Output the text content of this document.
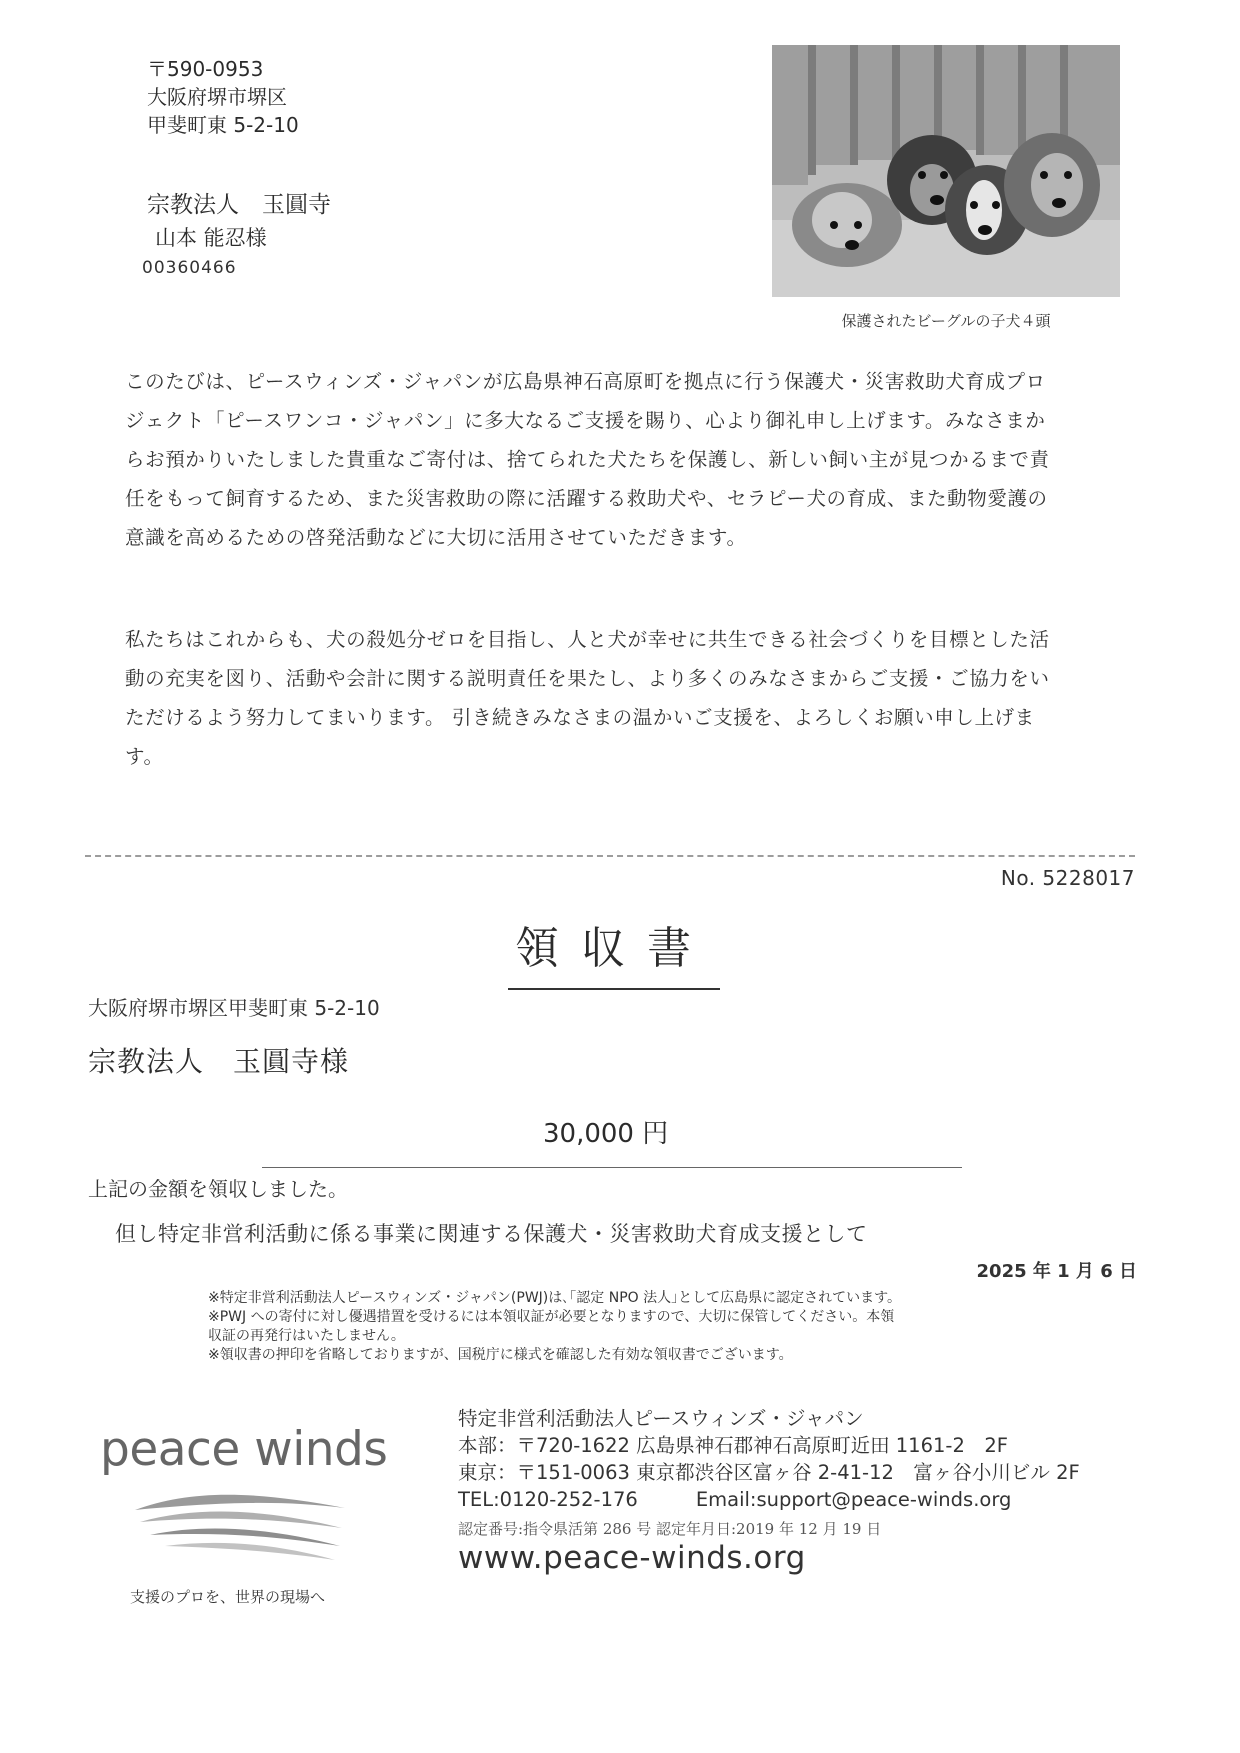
〒590-0953
大阪府堺市堺区
甲斐町東 5-2-10
宗教法人　玉圓寺
山本 能忍様
00360466
保護されたビーグルの子犬４頭
このたびは、ピースウィンズ・ジャパンが広島県神石高原町を拠点に行う保護犬・災害救助犬育成プロ
ジェクト「ピースワンコ・ジャパン」に多大なるご支援を賜り、心より御礼申し上げます。みなさまか
らお預かりいたしました貴重なご寄付は、捨てられた犬たちを保護し、新しい飼い主が見つかるまで責
任をもって飼育するため、また災害救助の際に活躍する救助犬や、セラピー犬の育成、また動物愛護の
意識を高めるための啓発活動などに大切に活用させていただきます。
私たちはこれからも、犬の殺処分ゼロを目指し、人と犬が幸せに共生できる社会づくりを目標とした活
動の充実を図り、活動や会計に関する説明責任を果たし、より多くのみなさまからご支援・ご協力をい
ただけるよう努力してまいります。 引き続きみなさまの温かいご支援を、よろしくお願い申し上げま
す。
No. 5228017
領収書
大阪府堺市堺区甲斐町東 5-2-10
宗教法人　玉圓寺様
30,000 円
上記の金額を領収しました。
但し特定非営利活動に係る事業に関連する保護犬・災害救助犬育成支援として
2025 年 1 月 6 日
※特定非営利活動法人ピースウィンズ・ジャパン(PWJ)は､｢認定 NPO 法人｣として広島県に認定されています。
※PWJ への寄付に対し優遇措置を受けるには本領収証が必要となりますので、大切に保管してください。本領
収証の再発行はいたしません。
※領収書の押印を省略しておりますが、国税庁に様式を確認した有効な領収書でございます。
peace winds
支援のプロを、世界の現場へ
特定非営利活動法人ピースウィンズ・ジャパン
本部：〒720-1622 広島県神石郡神石高原町近田 1161-2　2F
東京：〒151-0063 東京都渋谷区富ヶ谷 2-41-12　富ヶ谷小川ビル 2F
TEL:0120-252-176	Email:support@peace-winds.org
認定番号:指令県活第 286 号 認定年月日:2019 年 12 月 19 日
www.peace-winds.org
